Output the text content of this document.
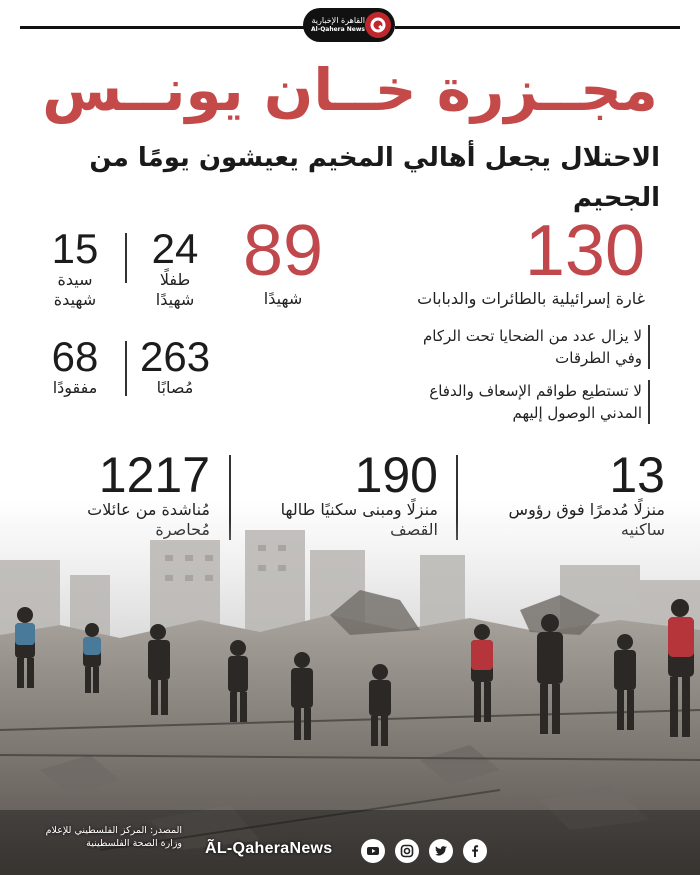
القاهرة الإخبارية
Al-Qahera News
مجــزرة خــان يونــس
الاحتلال يجعل أهالي المخيم يعيشون يومًا من الجحيم
130
غارة إسرائيلية بالطائرات والدبابات
89
شهيدًا
24
طفلًا
شهيدًا
15
سيدة
شهيدة
263
مُصابًا
68
مفقودًا
لا يزال عدد من الضحايا تحت الركام
وفي الطرقات
لا تستطيع طواقم الإسعاف والدفاع
المدني الوصول إليهم
13
منزلًا مُدمرًا فوق رؤوس
190
منزلًا ومبنى سكنيًا طالها
1217
مُناشدة من عائلات
المصدر: المركز الفلسطيني للإعلام
وزارة الصحة الفلسطينية ÃL-QaheraNews
